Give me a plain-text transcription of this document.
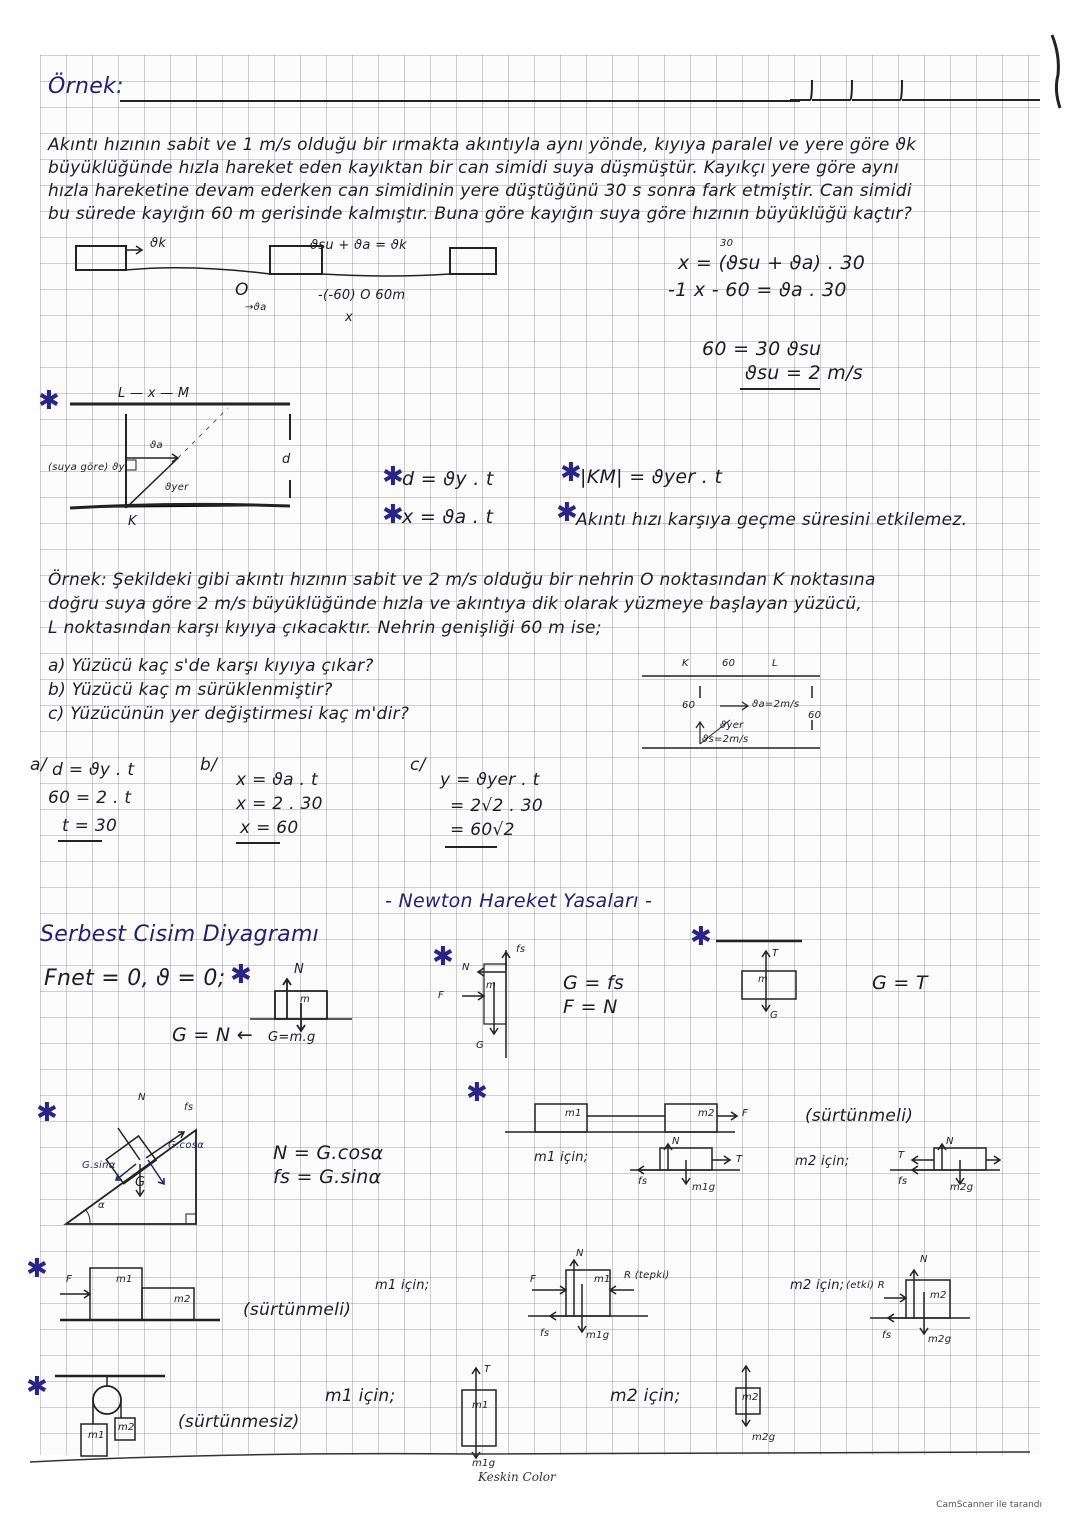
Örnek:
Akıntı hızının sabit ve 1 m/s olduğu bir ırmakta akıntıyla aynı yönde, kıyıya paralel ve yere göre ϑk
büyüklüğünde hızla hareket eden kayıktan bir can simidi suya düşmüştür. Kayıkçı yere göre aynı
hızla hareketine devam ederken can simidinin yere düştüğünü 30 s sonra fark etmiştir. Can simidi
bu sürede kayığın 60 m gerisinde kalmıştır. Buna göre kayığın suya göre hızının büyüklüğü kaçtır?
ϑk	ϑsu + ϑa = ϑk
O
→ϑa
-(-60) O 60m
x
30
x = (ϑsu + ϑa) . 30
-1 x - 60 = ϑa . 30
60 = 30 ϑsu
ϑsu = 2 m/s
✱	L — x — M
ϑa
(suya göre) ϑy
ϑyer
d
K
✱
d = ϑy . t
✱
x = ϑa . t
✱
|KM| = ϑyer . t
✱
Akıntı hızı karşıya geçme süresini etkilemez.
Örnek: Şekildeki gibi akıntı hızının sabit ve 2 m/s olduğu bir nehrin O noktasından K noktasına
doğru suya göre 2 m/s büyüklüğünde hızla ve akıntıya dik olarak yüzmeye başlayan yüzücü,
L noktasından karşı kıyıya çıkacaktır. Nehrin genişliği 60 m ise;
a) Yüzücü kaç s'de karşı kıyıya çıkar?
b) Yüzücü kaç m sürüklenmiştir?
c) Yüzücünün yer değiştirmesi kaç m'dir?
K	60	L
60
60
ϑa=2m/s
ϑyer
ϑs=2m/s
a/ d = ϑy . t
60 = 2 . t
t = 30
b/
x = ϑa . t
x = 2 . 30
x = 60
c/
y = ϑyer . t
= 2√2 . 30
= 60√2
- Newton Hareket Yasaları -
Serbest Cisim Diyagramı
Fnet = 0, ϑ = 0; ✱	N
m
G = N ← G=m.g
✱	fs
N
F
m
G
G = fs
F = N
✱
T
m
G
G = T
✱
N
fs
G.sinα
G.cosα
G
α
N = G.cosα
fs = G.sinα
✱
m1	m2	F	(sürtünmeli)
m1 için;
N
T
fs
m1g
m2 için;
N
T
fs
m2g
✱ F	m1
m2
(sürtünmeli)
m1 için;
N
F	m1 R (tepki)
fs	m1g
m2 için; (etki) R
N
m2
fs	m2g
✱
m1
m2	(sürtünmesiz)
m1 için;
T
m1
m1g
m2 için;	m2
m2g
Keskin Color
CamScanner ile tarandı
